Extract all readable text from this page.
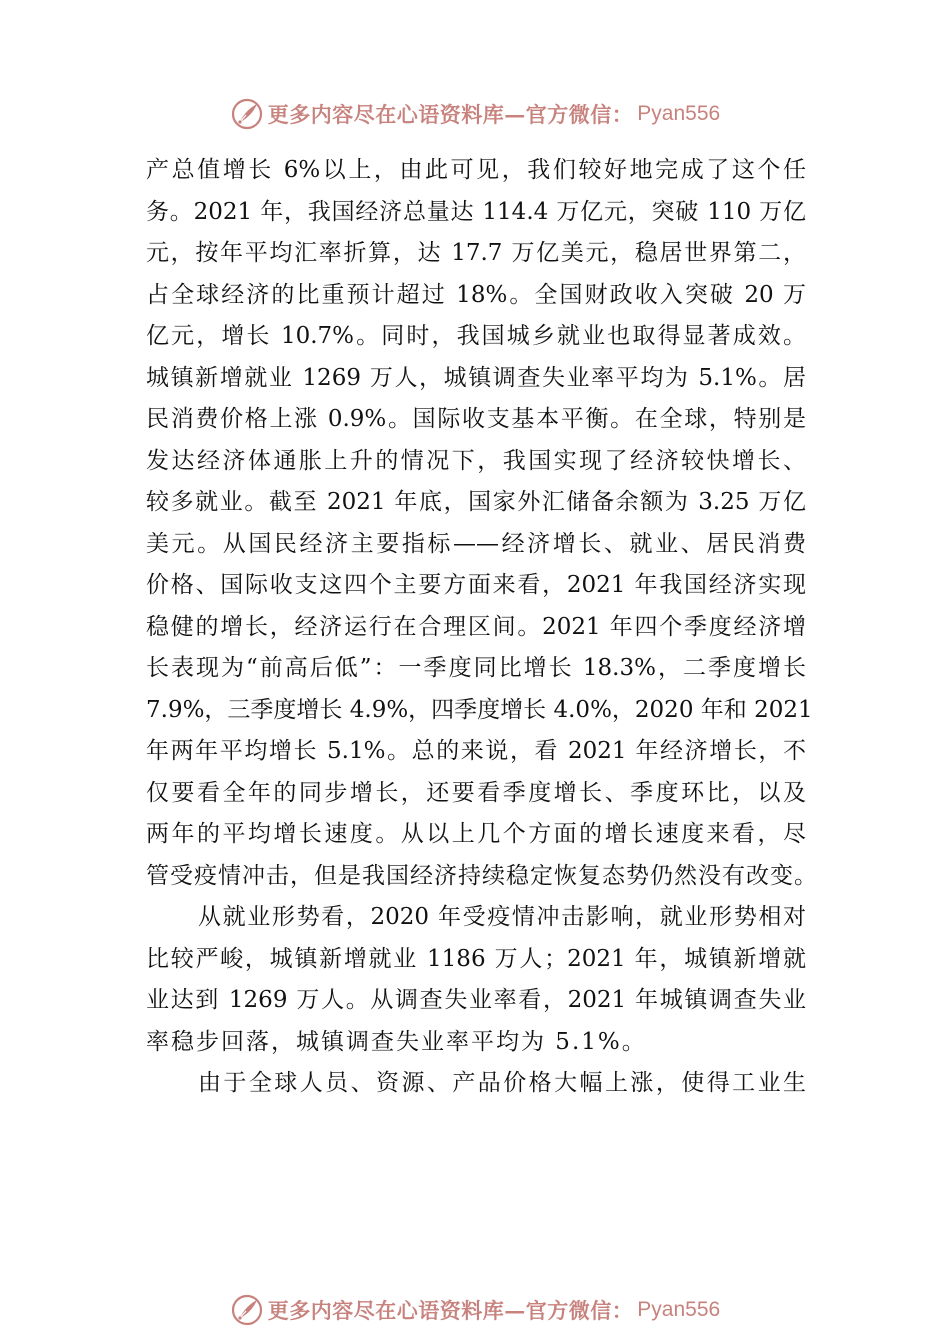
更多内容尽在心语资料库—官方微信： Pyan556
产总值增长 6%以上，由此可见，我们较好地完成了这个任
务。2021 年，我国经济总量达 114.4 万亿元，突破 110 万亿
元，按年平均汇率折算，达 17.7 万亿美元，稳居世界第二，
占全球经济的比重预计超过 18%。全国财政收入突破 20 万
亿元，增长 10.7%。同时，我国城乡就业也取得显著成效。
城镇新增就业 1269 万人，城镇调查失业率平均为 5.1%。居
民消费价格上涨 0.9%。国际收支基本平衡。在全球，特别是
发达经济体通胀上升的情况下，我国实现了经济较快增长、
较多就业。截至 2021 年底，国家外汇储备余额为 3.25 万亿
美元。从国民经济主要指标——经济增长、就业、居民消费
价格、国际收支这四个主要方面来看，2021 年我国经济实现
稳健的增长，经济运行在合理区间。2021 年四个季度经济增
长表现为“前高后低”：一季度同比增长 18.3%，二季度增长
7.9%，三季度增长 4.9%，四季度增长 4.0%，2020 年和 2021
年两年平均增长 5.1%。总的来说，看 2021 年经济增长，不
仅要看全年的同步增长，还要看季度增长、季度环比，以及
两年的平均增长速度。从以上几个方面的增长速度来看，尽
管受疫情冲击，但是我国经济持续稳定恢复态势仍然没有改变。
从就业形势看，2020 年受疫情冲击影响，就业形势相对
比较严峻，城镇新增就业 1186 万人；2021 年，城镇新增就
业达到 1269 万人。从调查失业率看，2021 年城镇调查失业
率稳步回落，城镇调查失业率平均为 5.1%。
由于全球人员、资源、产品价格大幅上涨，使得工业生
更多内容尽在心语资料库—官方微信： Pyan556
